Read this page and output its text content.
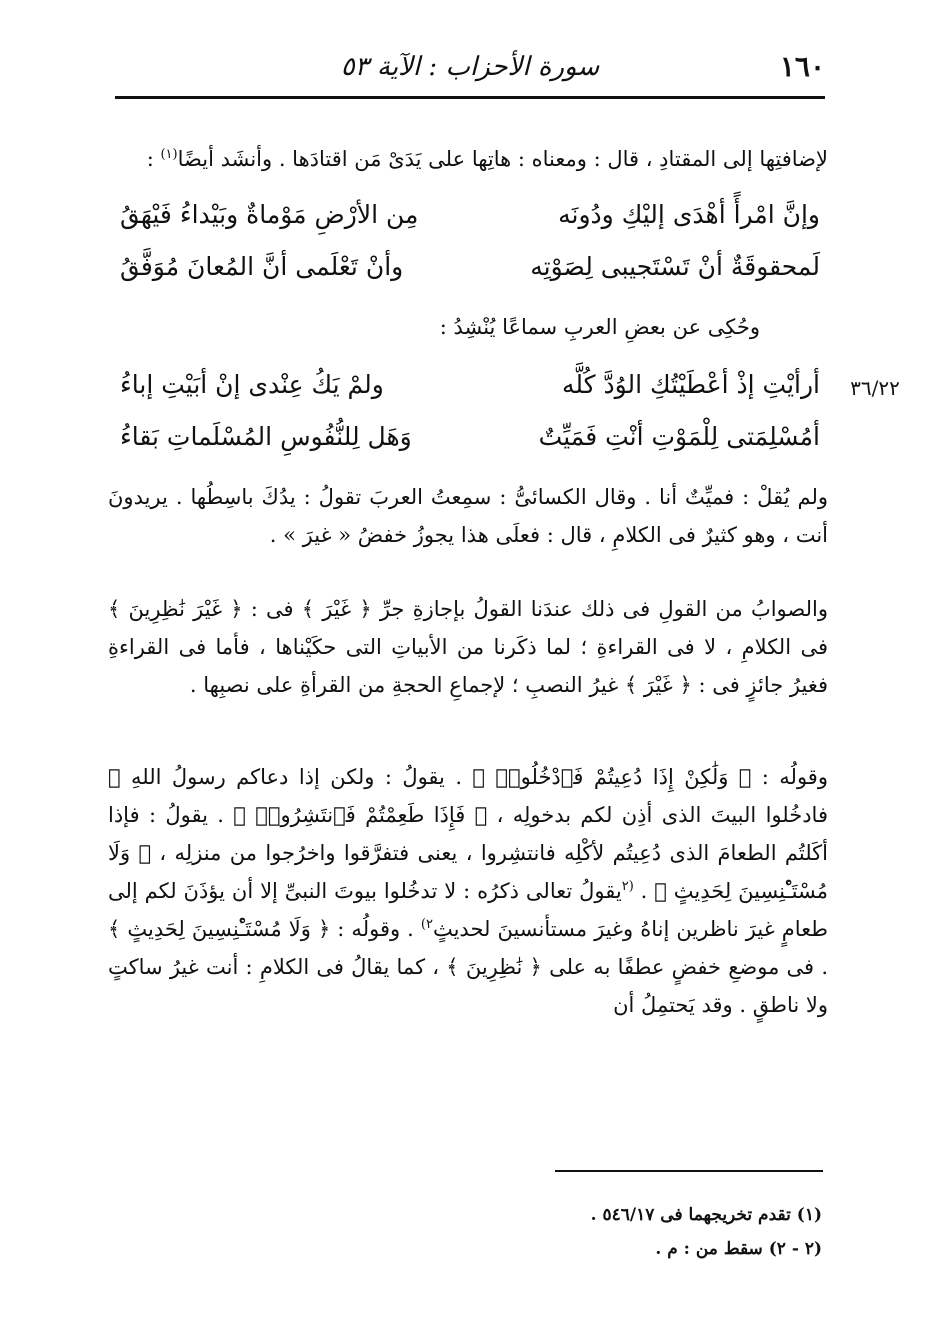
١٦٠
سورة الأحزاب : الآية ٥٣

لإضافتِها إلى المقتادِ ، قال : ومعناه : هاتِها على يَدَىْ مَن اقتادَها . وأنشَد أيضًا$^{(١)}$ :

وإنَّ امْرأً أهْدَى إليْكِ ودُونَه
مِن الأرْضِ مَوْماةٌ وبَيْداءُ فَيْهَقُ
لَمحقوقَةٌ أنْ تَسْتَجيبى لِصَوْتِه
وأنْ تَعْلَمى أنَّ المُعانَ مُوَفَّقُ

وحُكِى عن بعضِ العربِ سماعًا يُنْشِدُ :

٣٦/٢٢
أرأيْتِ إذْ أعْطَيْتُكِ الوُدَّ كُلَّه
ولمْ يَكُ عِنْدى إنْ أبَيْتِ إباءُ
أمُسْلِمَتى لِلْمَوْتِ أنْتِ فَمَيِّتٌ
وَهَل لِلنُّفُوسِ المُسْلَماتِ بَقاءُ

ولم يُقلْ : فميِّتٌ أنا . وقال الكسائىُّ : سمِعتُ العربَ تقولُ : يدُكَ باسِطُها . يريدونَ أنت ، وهو كثيرٌ فى الكلامِ ، قال : فعلَى هذا يجوزُ خفضُ « غيرَ » .

والصوابُ من القولِ فى ذلك عندَنا القولُ بإجازةِ جرِّ ﴿ غَيْرَ ﴾ فى : ﴿ غَيْرَ نَٰظِرِينَ ﴾ فى الكلامِ ، لا فى القراءةِ ؛ لما ذكَرنا من الأبياتِ التى حكَيْناها ، فأما فى القراءةِ فغيرُ جائزٍ فى : ﴿ غَيْرَ ﴾ غيرُ النصبِ ؛ لإجماعِ الحجةِ من القرأةِ على نصبِها .

وقولُه : ﴿ وَلَٰكِنْ إِذَا دُعِيتُمْ فَٱدْخُلُوا۟ ﴾ . يقولُ : ولكن إذا دعاكم رسولُ اللهِ ﷺ فادخُلوا البيتَ الذى أذِن لكم بدخولِه ، ﴿ فَإِذَا طَعِمْتُمْ فَٱنتَشِرُوا۟ ﴾ . يقولُ : فإذا أكَلتُم الطعامَ الذى دُعِيتُم لأكْلِه فانتشِروا ، يعنى فتفرَّقوا واخرُجوا من منزلِه ، ﴿ وَلَا مُسْتَـْٔنِسِينَ لِحَدِيثٍ ﴾ . $^{(٢}$يقولُ تعالى ذكرُه : لا تدخُلوا بيوتَ النبىِّ إلا أن يؤذَنَ لكم إلى طعامٍ غيرَ ناظرين إناهُ وغيرَ مستأنسينَ لحديثٍ$^{٢)}$ . وقولُه : ﴿ وَلَا مُسْتَـْٔنِسِينَ لِحَدِيثٍ ﴾ . فى موضعِ خفضٍ عطفًا به على ﴿ نَٰظِرِينَ ﴾ ، كما يقالُ فى الكلامِ : أنت غيرُ ساكتٍ ولا ناطقٍ . وقد يَحتمِلُ أن

(١) تقدم تخريجهما فى ٥٤٦/١٧ .

(٢ - ٢) سقط من : م .
